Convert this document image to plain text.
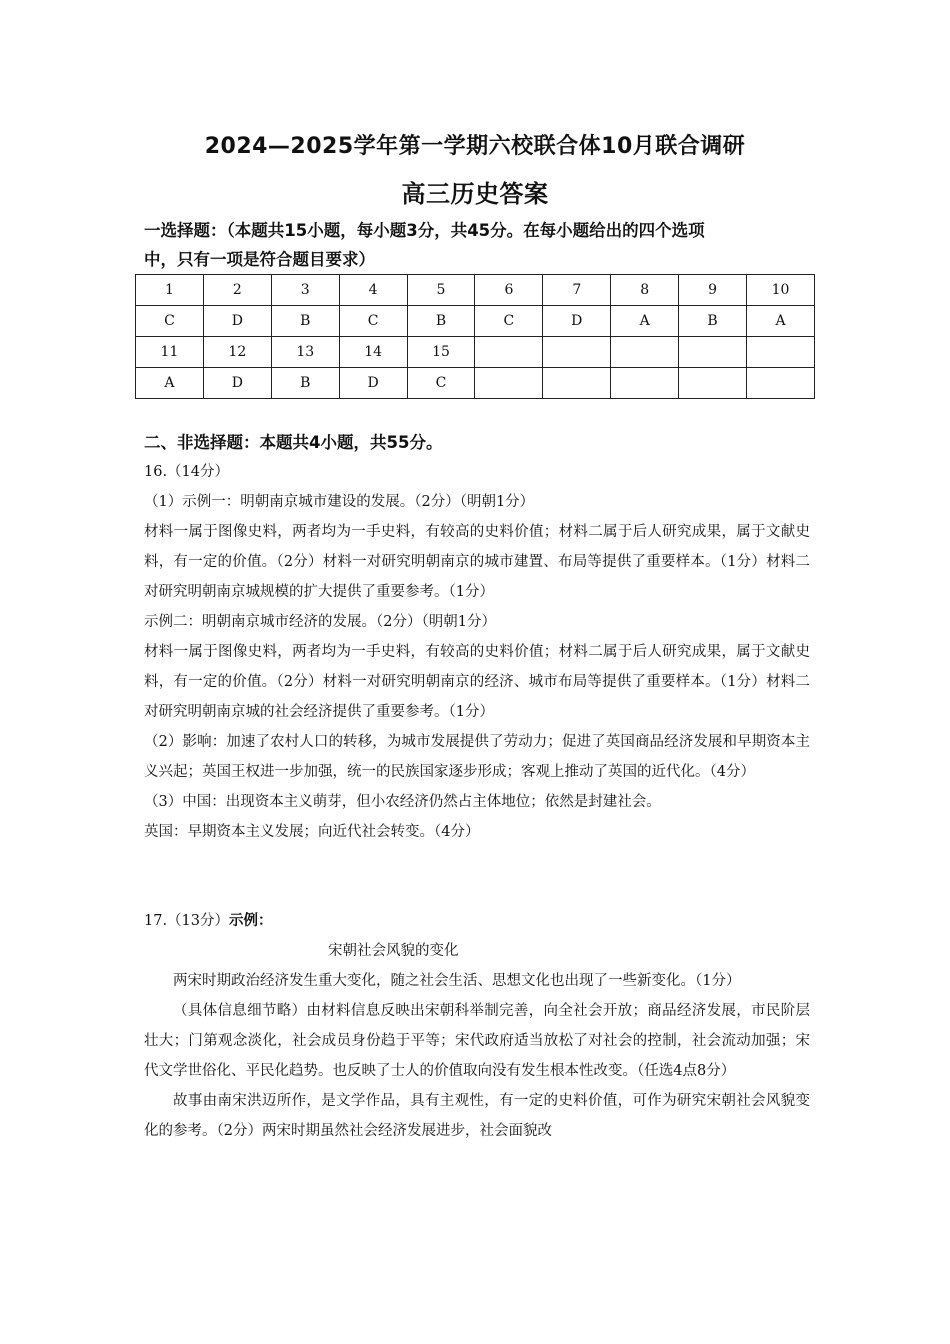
2024—2025学年第一学期六校联合体10月联合调研
高三历史答案
一选择题：（本题共15小题，每小题3分，共45分。在每小题给出的四个选项
中，只有一项是符合题目要求）
1	2	3	4	5	6	7	8	9	10
C	D	B	C	B	C	D	A	B	A
11	12	13	14	15					
A	D	B	D	C					
二、非选择题：本题共4小题，共55分。

16.（14分）

（1）示例一：明朝南京城市建设的发展。（2分）（明朝1分）

材料一属于图像史料，两者均为一手史料，有较高的史料价值；材料二属于后人研究成果，属于文献史料，有一定的价值。（2分）材料一对研究明朝南京的城市建置、布局等提供了重要样本。（1分）材料二对研究明朝南京城规模的扩大提供了重要参考。（1分）

示例二：明朝南京城市经济的发展。（2分）（明朝1分）

材料一属于图像史料，两者均为一手史料，有较高的史料价值；材料二属于后人研究成果，属于文献史料，有一定的价值。（2分）材料一对研究明朝南京的经济、城市布局等提供了重要样本。（1分）材料二对研究明朝南京城的社会经济提供了重要参考。（1分）

（2）影响：加速了农村人口的转移，为城市发展提供了劳动力；促进了英国商品经济发展和早期资本主义兴起；英国王权进一步加强，统一的民族国家逐步形成；客观上推动了英国的近代化。（4分）

（3）中国：出现资本主义萌芽，但小农经济仍然占主体地位；依然是封建社会。

英国：早期资本主义发展；向近代社会转变。（4分）

17.（13分）示例：

宋朝社会风貌的变化

两宋时期政治经济发生重大变化，随之社会生活、思想文化也出现了一些新变化。（1分）

（具体信息细节略）由材料信息反映出宋朝科举制完善，向全社会开放；商品经济发展，市民阶层壮大；门第观念淡化，社会成员身份趋于平等；宋代政府适当放松了对社会的控制，社会流动加强；宋代文学世俗化、平民化趋势。也反映了士人的价值取向没有发生根本性改变。（任选4点8分）

故事由南宋洪迈所作，是文学作品，具有主观性，有一定的史料价值，可作为研究宋朝社会风貌变化的参考。（2分）两宋时期虽然社会经济发展进步，社会面貌改
